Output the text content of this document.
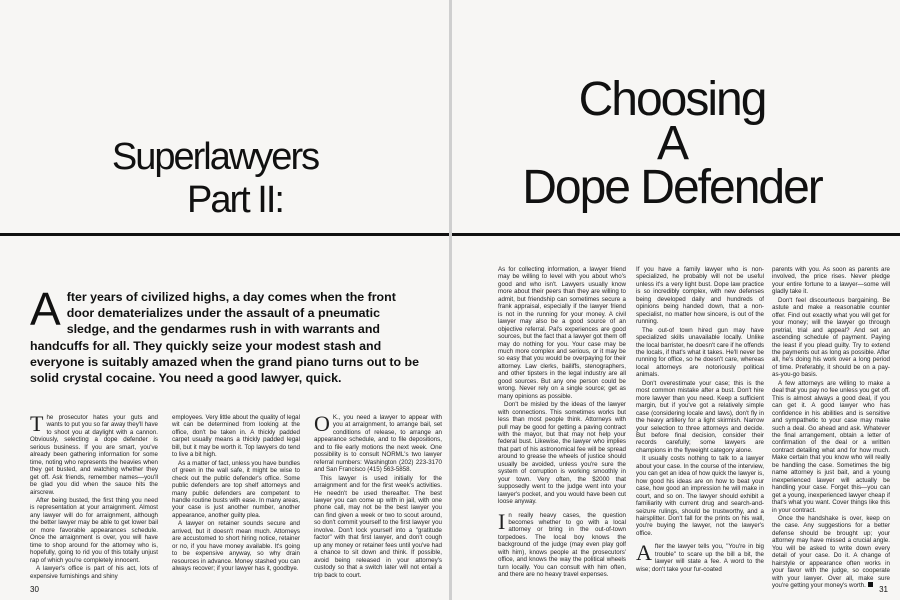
Superlawyers
Part II:
A fter years of civilized highs, a day comes when the front door dematerializes under the assault of a pneumatic sledge, and the gendarmes rush in with warrants and handcuffs for all. They quickly seize your modest stash and everyone is suitably amazed when the grand piano turns out to be solid crystal cocaine. You need a good lawyer, quick.

The prosecutor hates your guts and wants to put you so far away they'll have to shoot you at daylight with a cannon. Obviously, selecting a dope defender is serious business. If you are smart, you've already been gathering information for some time, noting who represents the heavies when they get busted, and watching whether they get off. Ask friends, remember names—you'll be glad you did when the sauce hits the airscrew.

After being busted, the first thing you need is representation at your arraignment. Almost any lawyer will do for arraignment, although the better lawyer may be able to get lower bail or more favorable appearances schedule. Once the arraignment is over, you will have time to shop around for the attorney who is, hopefully, going to rid you of this totally unjust rap of which you're completely innocent.

A lawyer's office is part of his act, lots of expensive furnishings and shiny

employees. Very little about the quality of legal wit can be determined from looking at the office, don't be taken in. A thickly padded carpet usually means a thickly padded legal bill, but it may be worth it. Top lawyers do tend to live a bit high.

As a matter of fact, unless you have bundles of green in the wall safe, it might be wise to check out the public defender's office. Some public defenders are top shelf attorneys and many public defenders are competent to handle routine busts with ease. In many areas, your case is just another number, another appearance, another guilty plea.

A lawyer on retainer sounds secure and arrived, but it doesn't mean much. Attorneys are accustomed to short hiring notice, retainer or no, if you have money available. It's going to be expensive anyway, so why drain resources in advance. Money stashed you can always recover; if your lawyer has it, goodbye.

O K., you need a lawyer to appear with you at arraignment, to arrange bail, set conditions of release, to arrange an appearance schedule, and to file depositions, and to file early motions the next week. One possibility is to consult NORML's two lawyer referral numbers: Washington (202) 223-3170 and San Francisco (415) 563-5858.

This lawyer is used initially for the arraignment and for the first week's activities. He needn't be used thereafter. The best lawyer you can come up with in jail, with one phone call, may not be the best lawyer you can find given a week or two to scout around, so don't commit yourself to the first lawyer you involve. Don't lock yourself into a "gratitude factor" with that first lawyer, and don't cough up any money or retainer fees until you've had a chance to sit down and think. If possible, avoid being released in your attorney's custody so that a switch later will not entail a trip back to court.

30
Choosing
A
Dope Defender

As for collecting information, a lawyer friend may be willing to level with you about who's good and who isn't. Lawyers usually know more about their peers than they are willing to admit, but friendship can sometimes secure a frank appraisal, especially if the lawyer friend is not in the running for your money. A civil lawyer may also be a good source of an objective referral. Pal's experiences are good sources, but the fact that a lawyer got them off may do nothing for you. Your case may be much more complex and serious, or it may be so easy that you would be overpaying for their attorney. Law clerks, bailiffs, stenographers, and other tipsters in the legal industry are all good sources. But any one person could be wrong. Never rely on a single source; get as many opinions as possible.

Don't be misled by the ideas of the lawyer with connections. This sometimes works but less than most people think. Attorneys with pull may be good for getting a paving contract with the mayor, but that may not help your federal bust. Likewise, the lawyer who implies that part of his astronomical fee will be spread around to grease the wheels of justice should usually be avoided, unless you're sure the system of corruption is working smoothly in your town. Very often, the $2000 that supposedly went to the judge went into your lawyer's pocket, and you would have been cut loose anyway.

In really heavy cases, the question becomes whether to go with a local attorney or bring in the out-of-town torpedoes. The local boy knows the background of the judge (may even play golf with him), knows people at the prosecutors' office, and knows the way the political wheels turn locally. You can consult with him often, and there are no heavy travel expenses.

If you have a family lawyer who is non-specialized, he probably will not be useful unless it's a very light bust. Dope law practice is so incredibly complex, with new defenses being developed daily and hundreds of opinions being handed down, that a non-specialist, no matter how sincere, is out of the running.

The out-of town hired gun may have specialized skills unavailable locally. Unlike the local barrister, he doesn't care if he offends the locals, if that's what it takes. He'll never be running for office, so he doesn't care, whereas local attorneys are notoriously political animals.

Don't overestimate your case; this is the most common mistake after a bust. Don't hire more lawyer than you need. Keep a sufficient margin, but if you've got a relatively simple case (considering locale and laws), don't fly in the heavy artillery for a light skirmish. Narrow your selection to three attorneys and decide. But before final decision, consider their records carefully; some lawyers are champions in the flyweight category alone.

It usually costs nothing to talk to a lawyer about your case. In the course of the interview, you can get an idea of how quick the lawyer is, how good his ideas are on how to beat your case, how good an impression he will make in court, and so on. The lawyer should exhibit a familiarity with current drug and search-and-seizure rulings, should be trustworthy, and a hairsplitter. Don't fall for the prints on his wall, you're buying the lawyer, not the lawyer's office.

After the lawyer tells you, "You're in big trouble" to scare up the bill a bit, the lawyer will state a fee. A word to the wise; don't take your fur-coated

parents with you. As soon as parents are involved, the price rises. Never pledge your entire fortune to a lawyer—some will gladly take it.

Don't feel discourteous bargaining. Be astute and make a reasonable counter offer. Find out exactly what you will get for your money; will the lawyer go through pretrial, trial and appeal? And set an ascending schedule of payment. Paying the least if you plead guilty. Try to extend the payments out as long as possible. After all, he's doing his work over a long period of time. Preferably, it should be on a pay-as-you-go basis.

A few attorneys are willing to make a deal that you pay no fee unless you get off. This is almost always a good deal, if you can get it. A good lawyer who has confidence in his abilities and is sensitive and sympathetic to your case may make such a deal. Go ahead and ask. Whatever the final arrangement, obtain a letter of confirmation of the deal or a written contract detailing what and for how much. Make certain that you know who will really be handling the case. Sometimes the big name attorney is just bait, and a young inexperienced lawyer will actually be handling your case. Forget this—you can get a young, inexperienced lawyer cheap if that's what you want. Cover things like this in your contract.

Once the handshake is over, keep on the case. Any suggestions for a better defense should be brought up; your attorney may have missed a crucial angle. You will be asked to write down every detail of your case. Do it. A change of hairstyle or appearance often works in your favor with the judge, so cooperate with your lawyer. Over all, make sure you're getting your money's worth.	31
